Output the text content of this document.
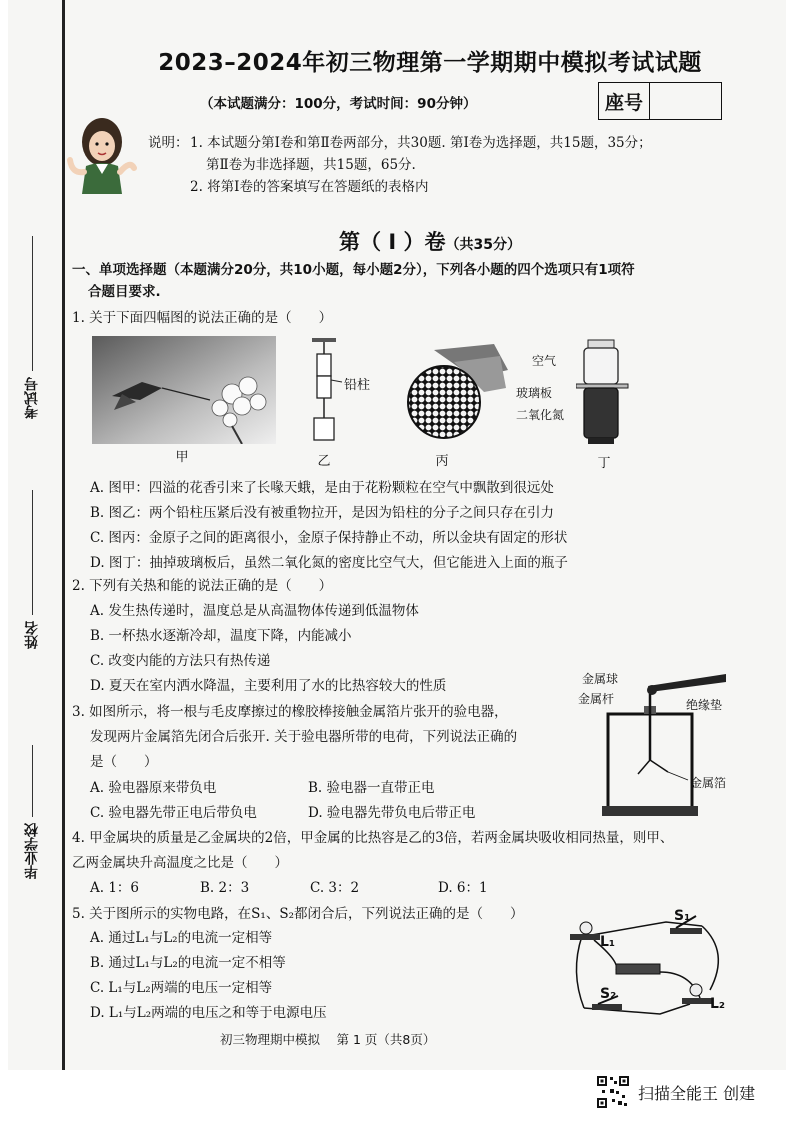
考试号
姓名
毕业学校
2023–2024年初三物理第一学期期中模拟考试试题
（本试题满分：100分，考试时间：90分钟）	座号
说明： 1. 本试题分第Ⅰ卷和第Ⅱ卷两部分，共30题. 第Ⅰ卷为选择题，共15题，35分；
第Ⅱ卷为非选择题，共15题，65分.
2. 将第Ⅰ卷的答案填写在答题纸的表格内
第（ Ⅰ ）卷（共35分）
一、单项选择题（本题满分20分，共10小题，每小题2分），下列各小题的四个选项只有1项符
合题目要求.
1. 关于下面四幅图的说法正确的是（　　）
甲
铅柱
乙	丙
空气
玻璃板
二氧化氮
丁
A. 图甲：四溢的花香引来了长喙天蛾，是由于花粉颗粒在空气中飘散到很远处
B. 图乙：两个铅柱压紧后没有被重物拉开，是因为铅柱的分子之间只存在引力
C. 图丙：金原子之间的距离很小，金原子保持静止不动，所以金块有固定的形状
D. 图丁：抽掉玻璃板后，虽然二氧化氮的密度比空气大，但它能进入上面的瓶子
2. 下列有关热和能的说法正确的是（　　）
A. 发生热传递时，温度总是从高温物体传递到低温物体
B. 一杯热水逐渐冷却，温度下降，内能减小
C. 改变内能的方法只有热传递
D. 夏天在室内洒水降温，主要利用了水的比热容较大的性质
3. 如图所示，将一根与毛皮摩擦过的橡胶棒接触金属箔片张开的验电器，
发现两片金属箔先闭合后张开. 关于验电器所带的电荷，下列说法正确的
是（　　）
A. 验电器原来带负电	B. 验电器一直带正电
C. 验电器先带正电后带负电	D. 验电器先带负电后带正电
金属球
金属杆	绝缘垫
金属箔
4. 甲金属块的质量是乙金属块的2倍，甲金属的比热容是乙的3倍，若两金属块吸收相同热量，则甲、
乙两金属块升高温度之比是（　　）
A. 1：6	B. 2：3	C. 3：2	D. 6：1
5. 关于图所示的实物电路，在S₁、S₂都闭合后，下列说法正确的是（　　）
A. 通过L₁与L₂的电流一定相等
B. 通过L₁与L₂的电流一定不相等
C. L₁与L₂两端的电压一定相等
D. L₁与L₂两端的电压之和等于电源电压
S₁
L₁
S₂
L₂
初三物理期中模拟　 第 1 页（共8页）
扫描全能王 创建
